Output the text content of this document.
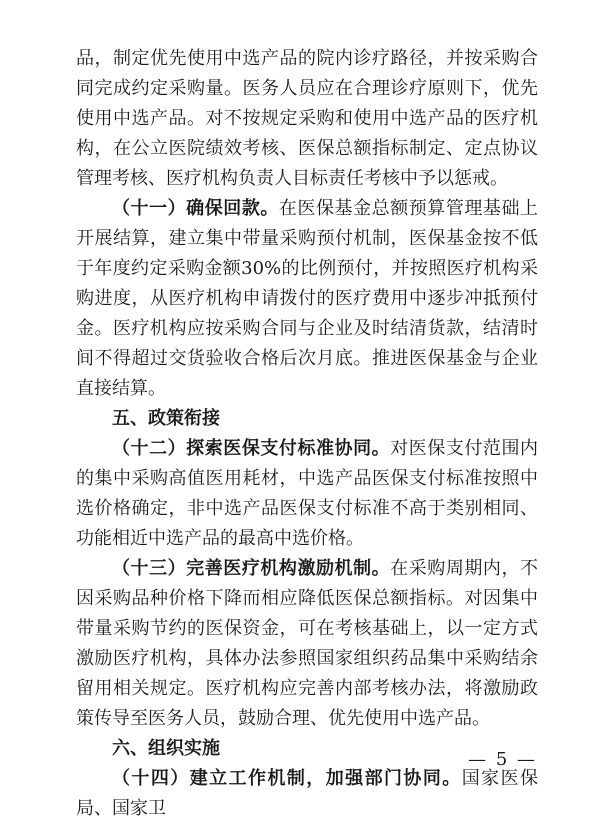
品，制定优先使用中选产品的院内诊疗路径，并按采购合同完成约定采购量。医务人员应在合理诊疗原则下，优先使用中选产品。对不按规定采购和使用中选产品的医疗机构，在公立医院绩效考核、医保总额指标制定、定点协议管理考核、医疗机构负责人目标责任考核中予以惩戒。

（十一）确保回款。在医保基金总额预算管理基础上开展结算，建立集中带量采购预付机制，医保基金按不低于年度约定采购金额30%的比例预付，并按照医疗机构采购进度，从医疗机构申请拨付的医疗费用中逐步冲抵预付金。医疗机构应按采购合同与企业及时结清货款，结清时间不得超过交货验收合格后次月底。推进医保基金与企业直接结算。

五、政策衔接

（十二）探索医保支付标准协同。对医保支付范围内的集中采购高值医用耗材，中选产品医保支付标准按照中选价格确定，非中选产品医保支付标准不高于类别相同、功能相近中选产品的最高中选价格。

（十三）完善医疗机构激励机制。在采购周期内，不因采购品种价格下降而相应降低医保总额指标。对因集中带量采购节约的医保资金，可在考核基础上，以一定方式激励医疗机构，具体办法参照国家组织药品集中采购结余留用相关规定。医疗机构应完善内部考核办法，将激励政策传导至医务人员，鼓励合理、优先使用中选产品。

六、组织实施

（十四）建立工作机制，加强部门协同。国家医保局、国家卫

— 5 —
